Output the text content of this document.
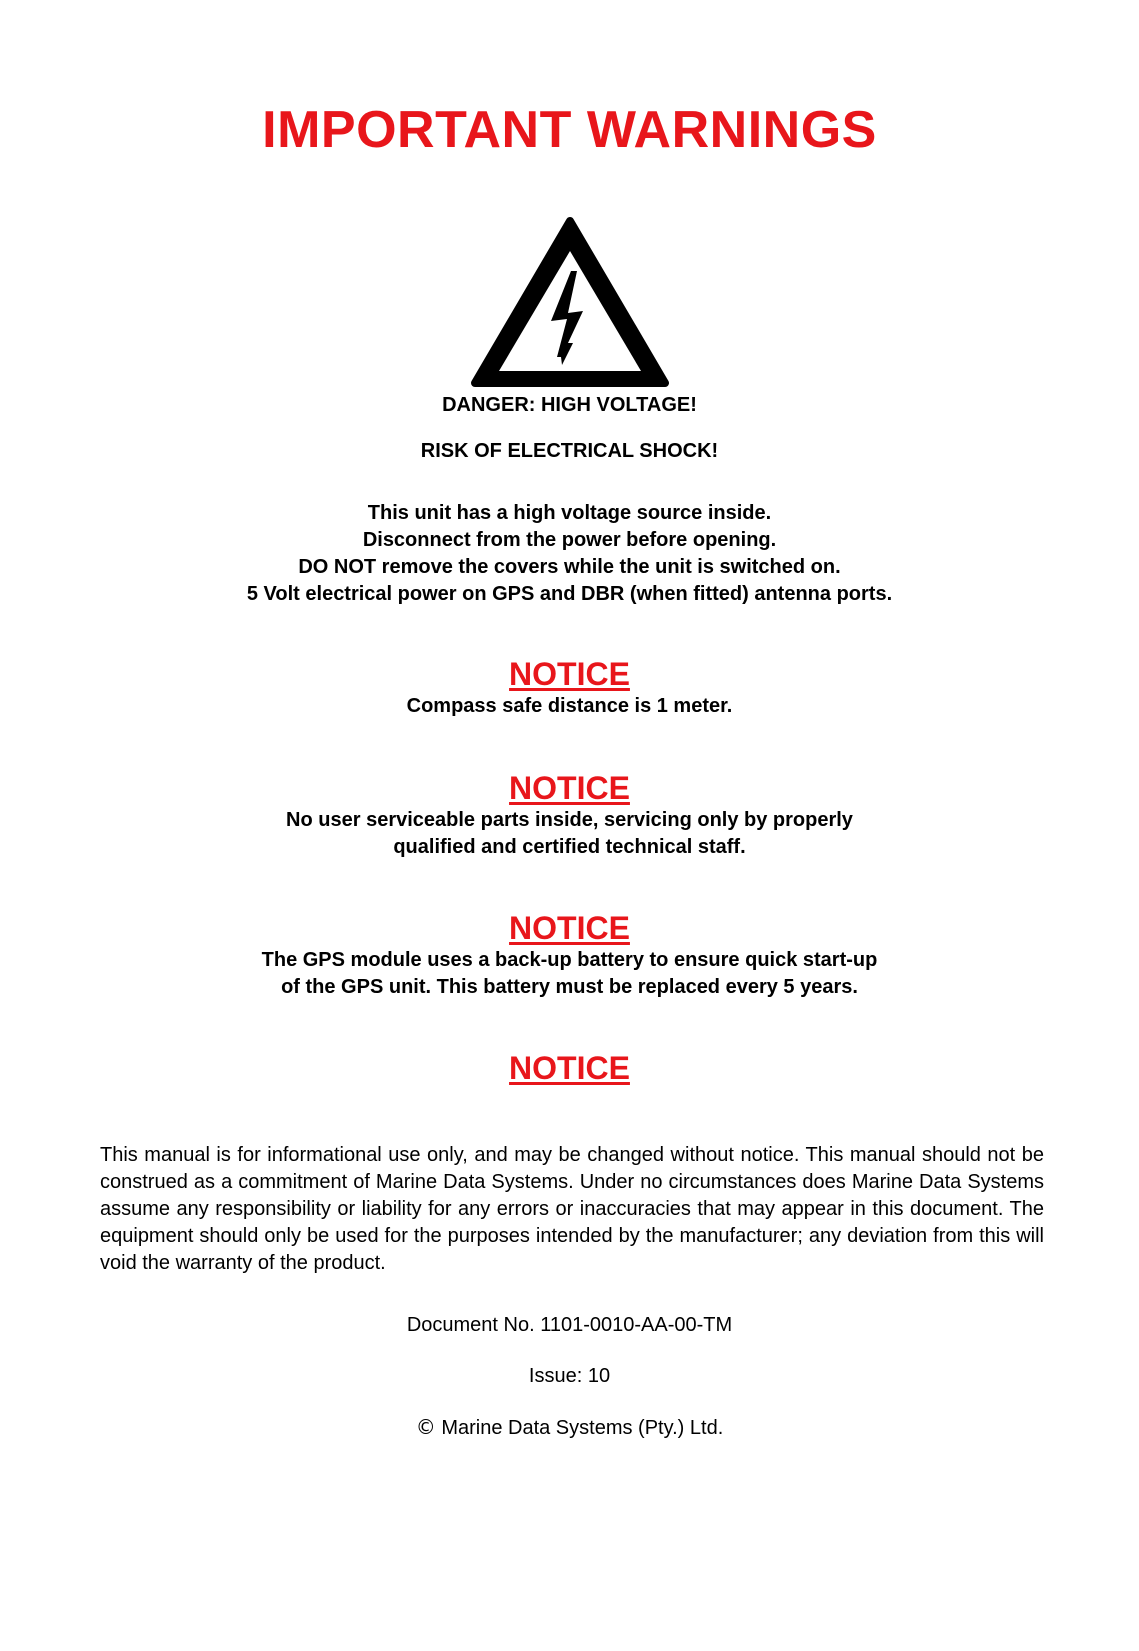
IMPORTANT WARNINGS
DANGER: HIGH VOLTAGE!
RISK OF ELECTRICAL SHOCK!
This unit has a high voltage source inside.
Disconnect from the power before opening.
DO NOT remove the covers while the unit is switched on.
5 Volt electrical power on GPS and DBR (when fitted) antenna ports.
NOTICE
Compass safe distance is 1 meter.
NOTICE
No user serviceable parts inside, servicing only by properly
qualified and certified technical staff.
NOTICE
The GPS module uses a back-up battery to ensure quick start-up
of the GPS unit. This battery must be replaced every 5 years.
NOTICE
This manual is for informational use only, and may be changed without notice. This manual should not be construed as a commitment of Marine Data Systems. Under no circumstances does Marine Data Systems assume any responsibility or liability for any errors or inaccuracies that may appear in this document. The equipment should only be used for the purposes intended by the manufacturer; any deviation from this will void the warranty of the product.
Document No. 1101-0010-AA-00-TM
Issue: 10
© Marine Data Systems (Pty.) Ltd.
